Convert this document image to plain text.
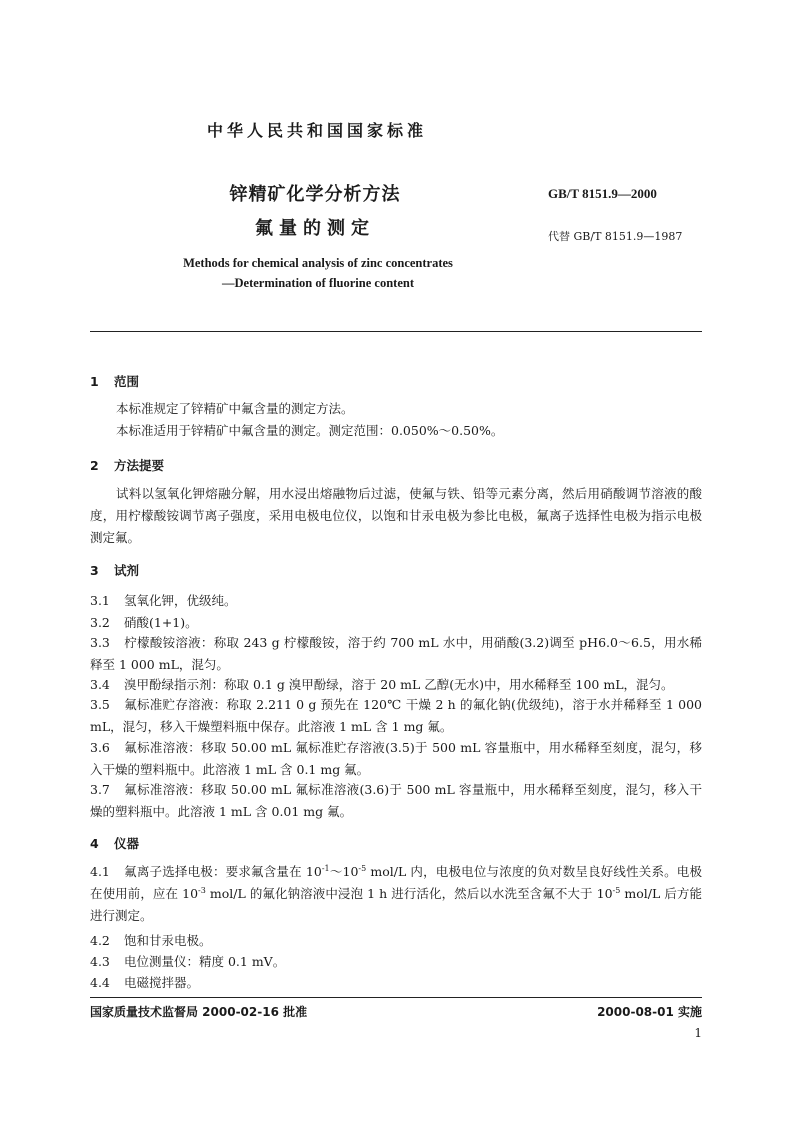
中华人民共和国国家标准
锌精矿化学分析方法
氟量的测定
GB/T 8151.9—2000
代替 GB/T 8151.9—1987
Methods for chemical analysis of zinc concentrates
—Determination of fluorine content
1 范围
本标准规定了锌精矿中氟含量的测定方法。
本标准适用于锌精矿中氟含量的测定。测定范围：0.050%～0.50%。
2 方法提要
试料以氢氧化钾熔融分解，用水浸出熔融物后过滤，使氟与铁、铅等元素分离，然后用硝酸调节溶液的酸度，用柠檬酸铵调节离子强度，采用电极电位仪，以饱和甘汞电极为参比电极，氟离子选择性电极为指示电极测定氟。
3 试剂
3.1 氢氧化钾，优级纯。
3.2 硝酸(1+1)。
3.3 柠檬酸铵溶液：称取 243 g 柠檬酸铵，溶于约 700 mL 水中，用硝酸(3.2)调至 pH6.0～6.5，用水稀释至 1 000 mL，混匀。
3.4 溴甲酚绿指示剂：称取 0.1 g 溴甲酚绿，溶于 20 mL 乙醇(无水)中，用水稀释至 100 mL，混匀。
3.5 氟标准贮存溶液：称取 2.211 0 g 预先在 120℃ 干燥 2 h 的氟化钠(优级纯)，溶于水并稀释至 1 000 mL，混匀，移入干燥塑料瓶中保存。此溶液 1 mL 含 1 mg 氟。
3.6 氟标准溶液：移取 50.00 mL 氟标准贮存溶液(3.5)于 500 mL 容量瓶中，用水稀释至刻度，混匀，移入干燥的塑料瓶中。此溶液 1 mL 含 0.1 mg 氟。
3.7 氟标准溶液：移取 50.00 mL 氟标准溶液(3.6)于 500 mL 容量瓶中，用水稀释至刻度，混匀，移入干燥的塑料瓶中。此溶液 1 mL 含 0.01 mg 氟。
4 仪器
4.1 氟离子选择电极：要求氟含量在 $10^{-1}\sim 10^{-5}$ mol/L 内，电极电位与浓度的负对数呈良好线性关系。电极在使用前，应在 $10^{-3}$ mol/L 的氟化钠溶液中浸泡 1 h 进行活化，然后以水洗至含氟不大于 $10^{-5}$ mol/L 后方能进行测定。
4.2 饱和甘汞电极。
4.3 电位测量仪：精度 0.1 mV。
4.4 电磁搅拌器。
国家质量技术监督局 2000-02-16 批准	2000-08-01 实施
1
